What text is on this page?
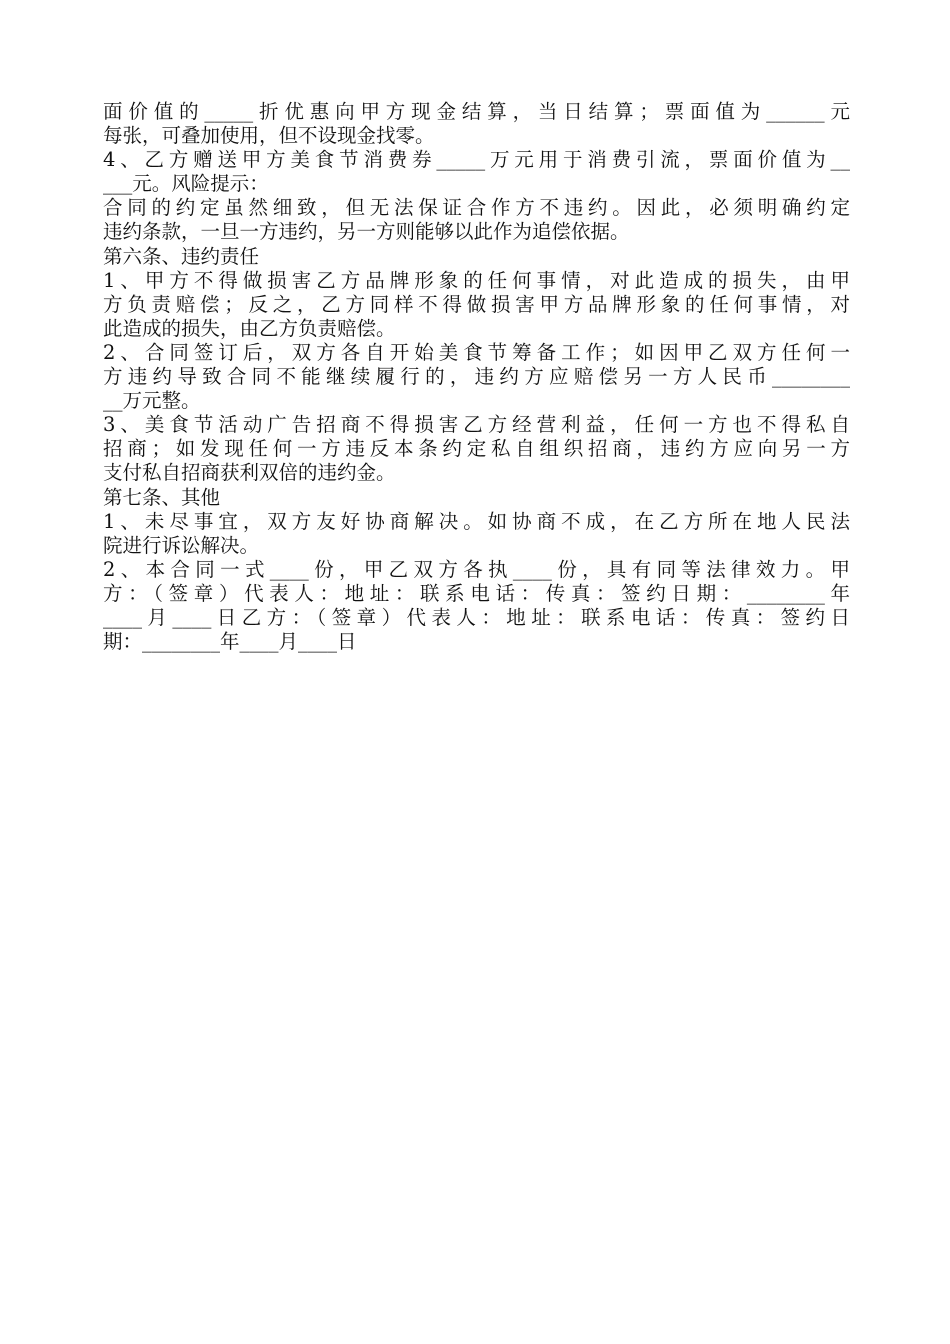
面价值的_____折优惠向甲方现金结算，当日结算；票面值为______元
每张，可叠加使用，但不设现金找零。
4、乙方赠送甲方美食节消费券_____万元用于消费引流，票面价值为__
___元。风险提示：
合同的约定虽然细致，但无法保证合作方不违约。因此，必须明确约定
违约条款，一旦一方违约，另一方则能够以此作为追偿依据。
第六条、违约责任
1、甲方不得做损害乙方品牌形象的任何事情，对此造成的损失，由甲
方负责赔偿；反之，乙方同样不得做损害甲方品牌形象的任何事情，对
此造成的损失，由乙方负责赔偿。
2、合同签订后，双方各自开始美食节筹备工作；如因甲乙双方任何一
方违约导致合同不能继续履行的，违约方应赔偿另一方人民币________
__万元整。
3、美食节活动广告招商不得损害乙方经营利益，任何一方也不得私自
招商；如发现任何一方违反本条约定私自组织招商，违约方应向另一方
支付私自招商获利双倍的违约金。
第七条、其他
1、未尽事宜，双方友好协商解决。如协商不成，在乙方所在地人民法
院进行诉讼解决。
2、本合同一式____份，甲乙双方各执____份，具有同等法律效力。甲
方：（签章）代表人：地址：联系电话：传真：签约日期：________年
____月____日乙方：（签章）代表人：地址：联系电话：传真：签约日
期：________年____月____日
